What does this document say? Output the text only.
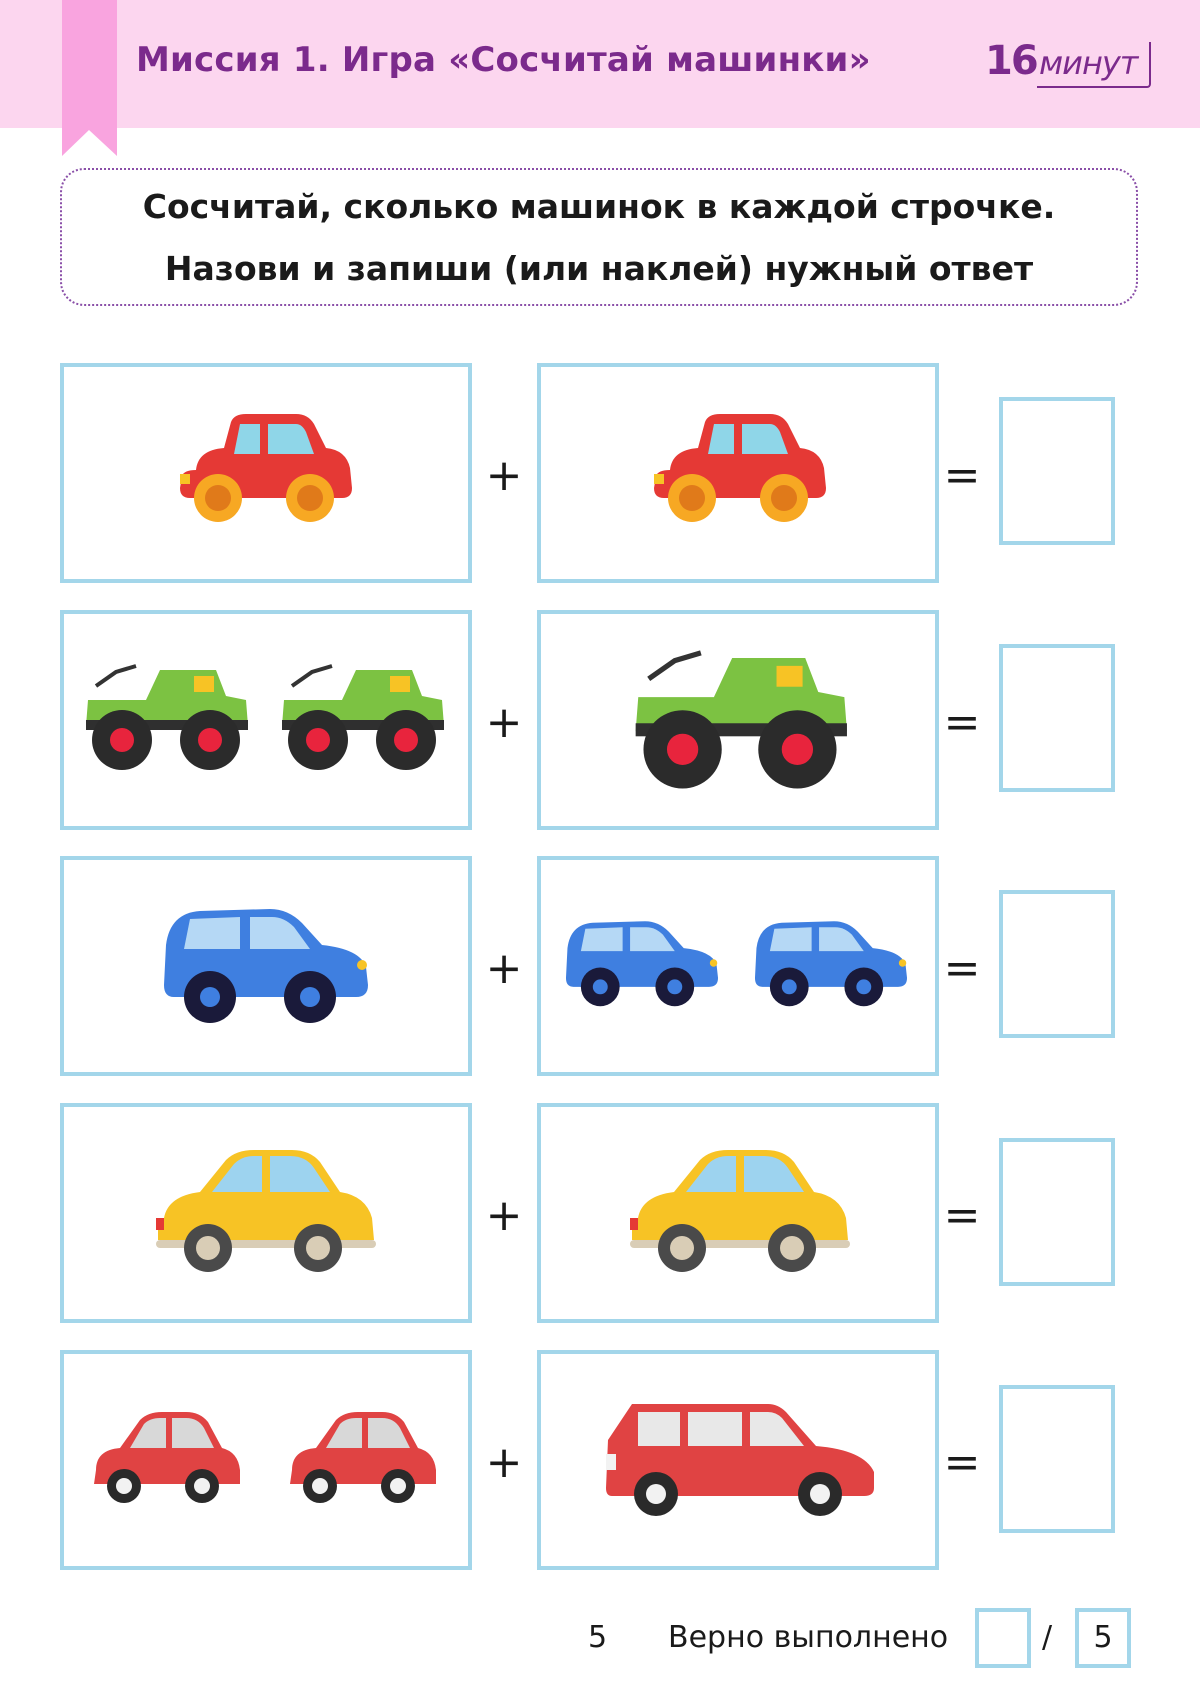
Миссия 1. Игра «Сосчитай машинки»	16 минут
Сосчитай, сколько машинок в каждой строчке.
Назови и запиши (или наклей) нужный ответ
+	=
+	=
+	=
+	=
+	=
5 Верно выполнено	/	5
